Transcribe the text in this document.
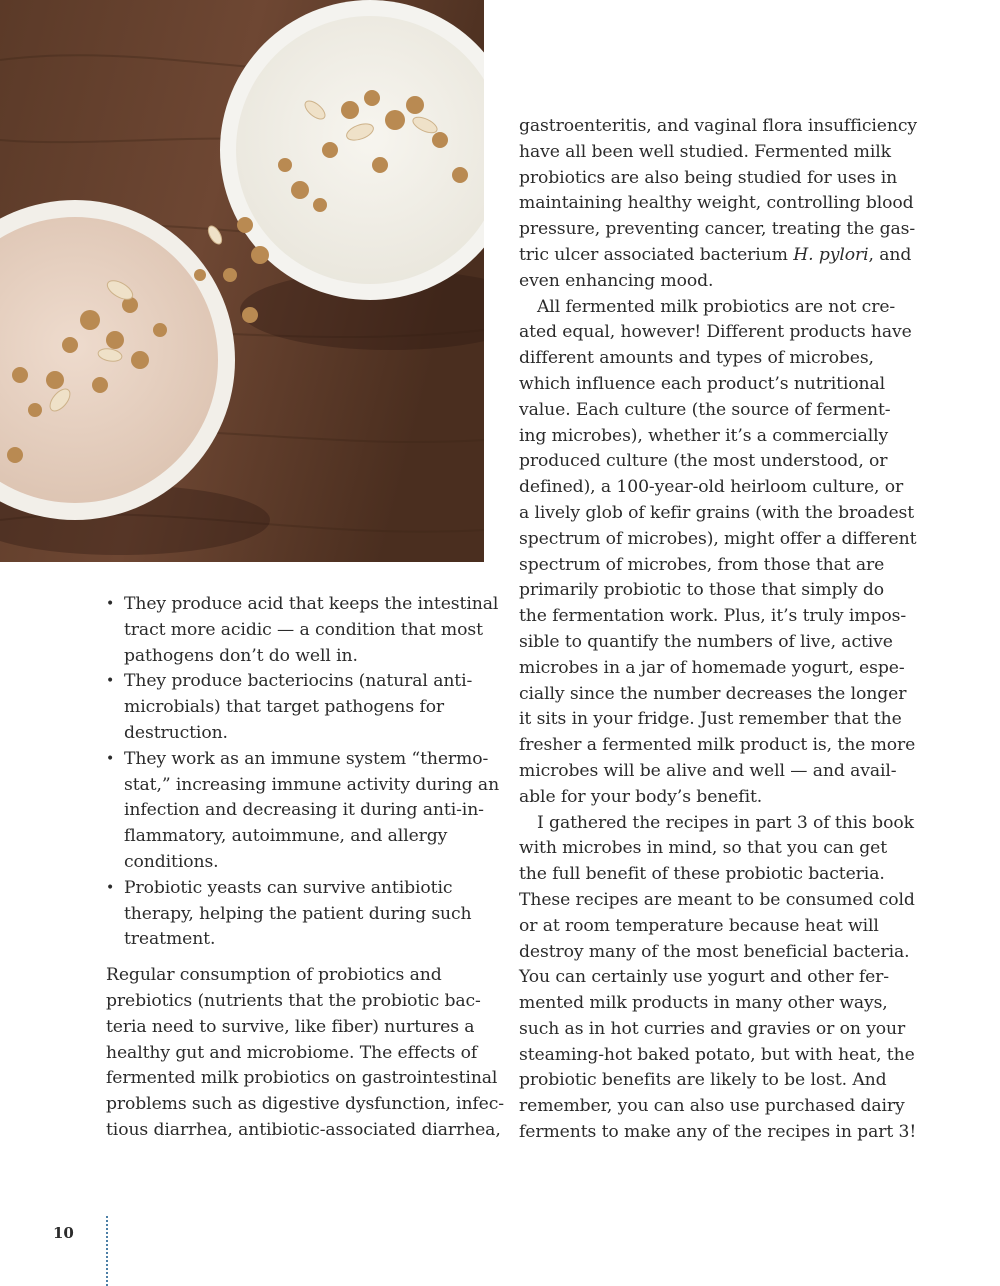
gastroenteritis, and vaginal flora insufficiency
have all been well studied. Fermented milk
probiotics are also being studied for uses in
maintaining healthy weight, controlling blood
pressure, preventing cancer, treating the gas-
tric ulcer associated bacterium H. pylori, and
even enhancing mood.
All fermented milk probiotics are not cre-
ated equal, however! Different products have
different amounts and types of microbes,
which influence each product’s nutritional
value. Each culture (the source of ferment-
ing microbes), whether it’s a commercially
produced culture (the most understood, or
defined), a 100-year-old heirloom culture, or
a lively glob of kefir grains (with the broadest
spectrum of microbes), might offer a different
spectrum of microbes, from those that are
primarily probiotic to those that simply do
the fermentation work. Plus, it’s truly impos-
sible to quantify the numbers of live, active
microbes in a jar of homemade yogurt, espe-
cially since the number decreases the longer
it sits in your fridge. Just remember that the
fresher a fermented milk product is, the more
microbes will be alive and well — and avail-
able for your body’s benefit.
I gathered the recipes in part 3 of this book
with microbes in mind, so that you can get
the full benefit of these probiotic bacteria.
These recipes are meant to be consumed cold
or at room temperature because heat will
destroy many of the most beneficial bacteria.
You can certainly use yogurt and other fer-
mented milk products in many other ways,
such as in hot curries and gravies or on your
steaming-hot baked potato, but with heat, the
probiotic benefits are likely to be lost. And
remember, you can also use purchased dairy
ferments to make any of the recipes in part 3!
• They produce acid that keeps the intestinal
tract more acidic — a condition that most
pathogens don’t do well in.
• They produce bacteriocins (natural anti-
microbials) that target pathogens for
destruction.
• They work as an immune system “thermo-
stat,” increasing immune activity during an
infection and decreasing it during anti-in-
flammatory, autoimmune, and allergy
conditions.
• Probiotic yeasts can survive antibiotic
therapy, helping the patient during such
treatment.
Regular consumption of probiotics and
prebiotics (nutrients that the probiotic bac-
teria need to survive, like fiber) nurtures a
healthy gut and microbiome. The effects of
fermented milk probiotics on gastrointestinal
problems such as digestive dysfunction, infec-
tious diarrhea, antibiotic-associated diarrhea,
10
